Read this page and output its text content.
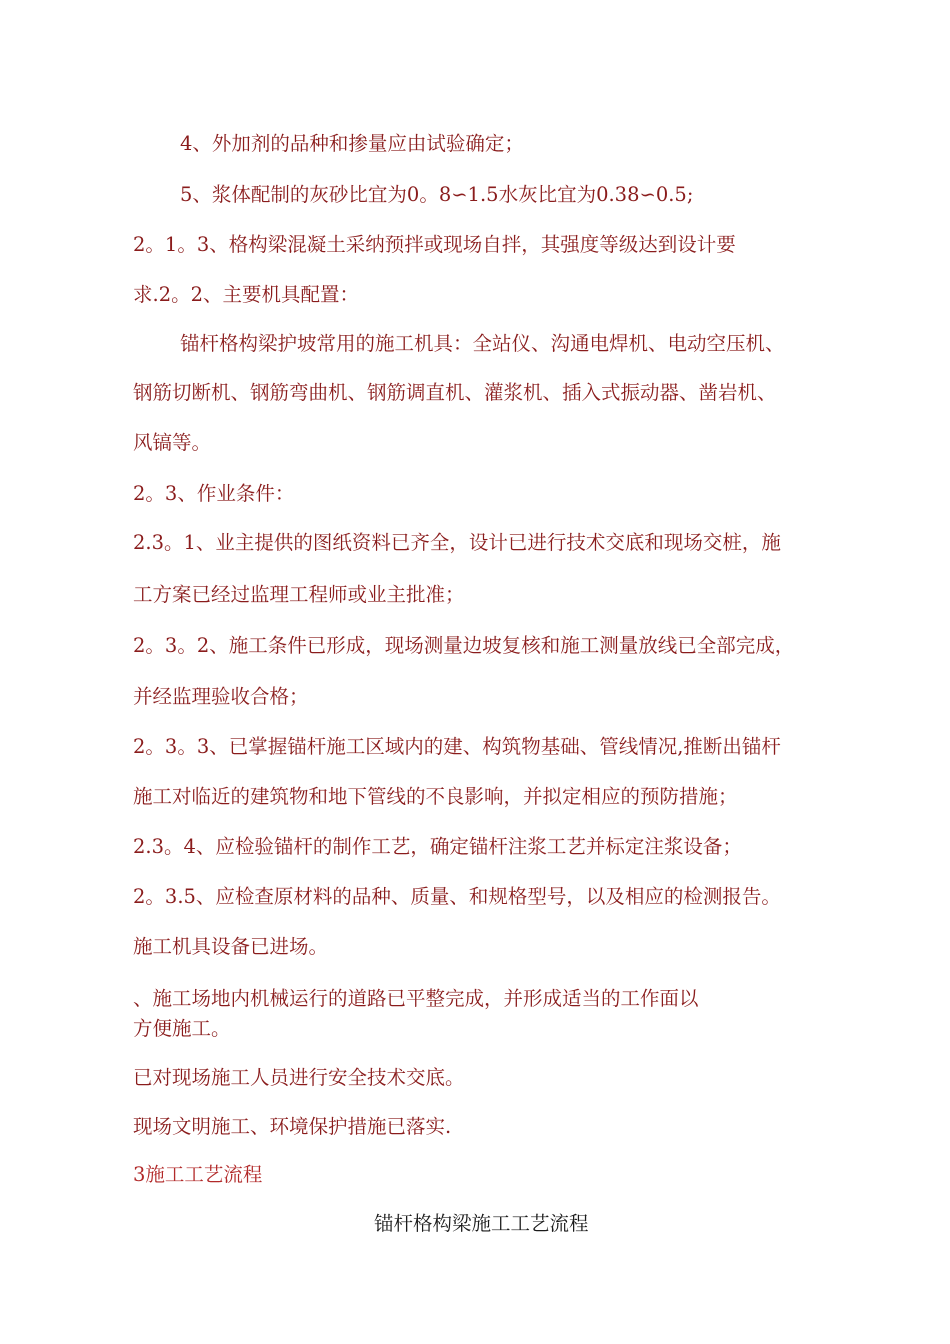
4、外加剂的品种和掺量应由试验确定；
5、浆体配制的灰砂比宜为0。8∽1.5水灰比宜为0.38∽0.5;
2。1。3、格构梁混凝土采纳预拌或现场自拌，其强度等级达到设计要
求.2。2、主要机具配置：
锚杆格构梁护坡常用的施工机具：全站仪、沟通电焊机、电动空压机、
钢筋切断机、钢筋弯曲机、钢筋调直机、灌浆机、插入式振动器、凿岩机、
风镐等。
2。3、作业条件：
2.3。1、业主提供的图纸资料已齐全，设计已进行技术交底和现场交桩，施
工方案已经过监理工程师或业主批准；
2。3。2、施工条件已形成，现场测量边坡复核和施工测量放线已全部完成，
并经监理验收合格；
2。3。3、已掌握锚杆施工区域内的建、构筑物基础、管线情况,推断出锚杆
施工对临近的建筑物和地下管线的不良影响，并拟定相应的预防措施；
2.3。4、应检验锚杆的制作工艺，确定锚杆注浆工艺并标定注浆设备；
2。3.5、应检查原材料的品种、质量、和规格型号，以及相应的检测报告。
施工机具设备已进场。
、施工场地内机械运行的道路已平整完成，并形成适当的工作面以
方便施工。
已对现场施工人员进行安全技术交底。
现场文明施工、环境保护措施已落实.
3施工工艺流程
锚杆格构梁施工工艺流程
